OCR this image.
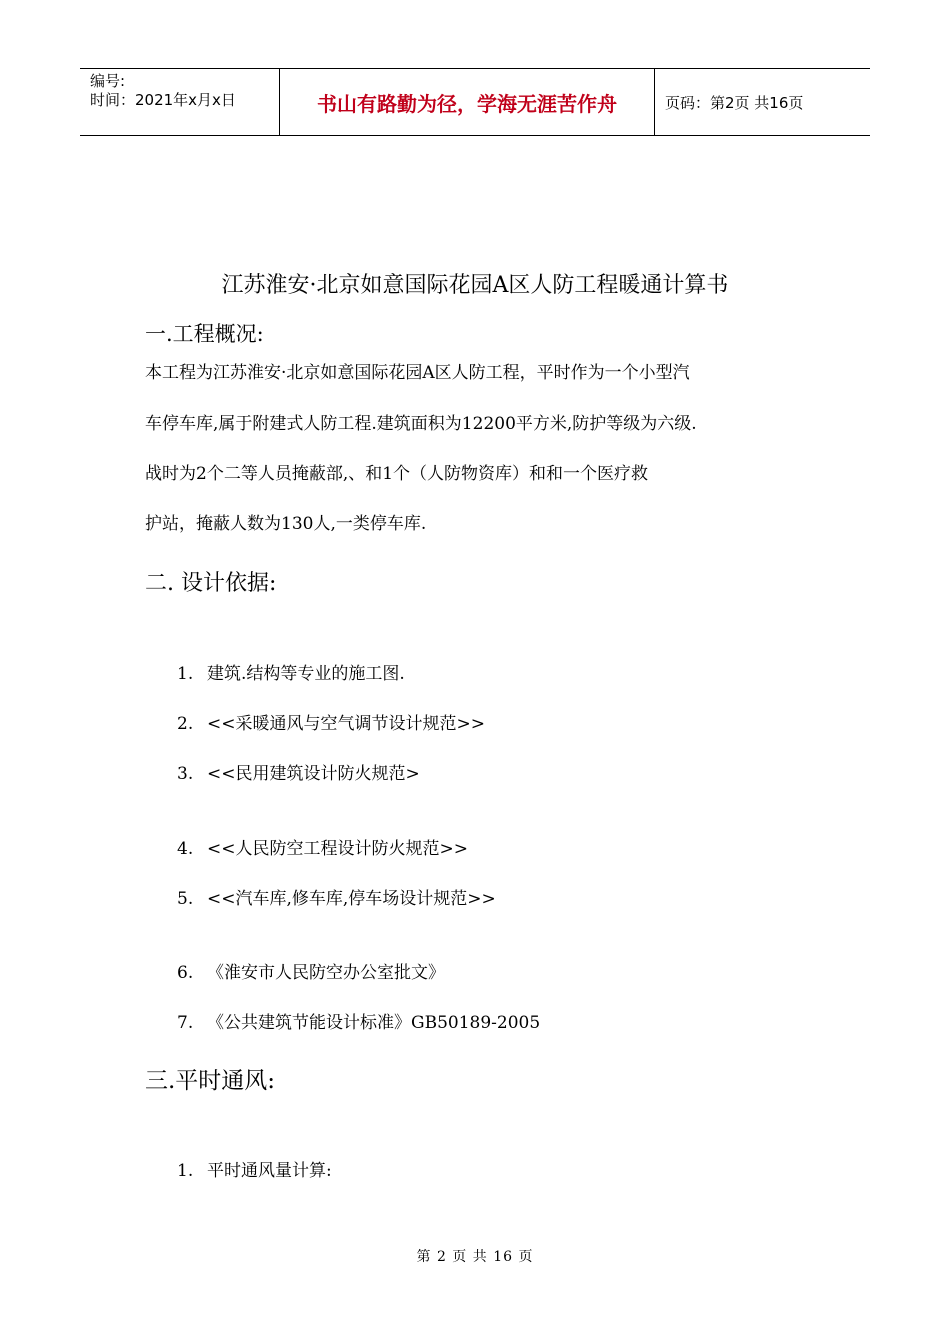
编号:
时间：2021年x月x日	书山有路勤为径，学海无涯苦作舟	页码：第2页 共16页
江苏淮安·北京如意国际花园A区人防工程暖通计算书
一.工程概况:
本工程为江苏淮安·北京如意国际花园A区人防工程，平时作为一个小型汽
车停车库,属于附建式人防工程.建筑面积为12200平方米,防护等级为六级.
战时为2个二等人员掩蔽部,、和1个（人防物资库）和和一个医疗救
护站，掩蔽人数为130人,一类停车库.
二. 设计依据:
1. 建筑.结构等专业的施工图.
2. <<采暖通风与空气调节设计规范>>
3. <<民用建筑设计防火规范>
4. <<人民防空工程设计防火规范>>
5. <<汽车库,修车库,停车场设计规范>>
6. 《淮安市人民防空办公室批文》
7. 《公共建筑节能设计标准》GB50189-2005
三.平时通风:
1. 平时通风量计算:
第 2 页 共 16 页
